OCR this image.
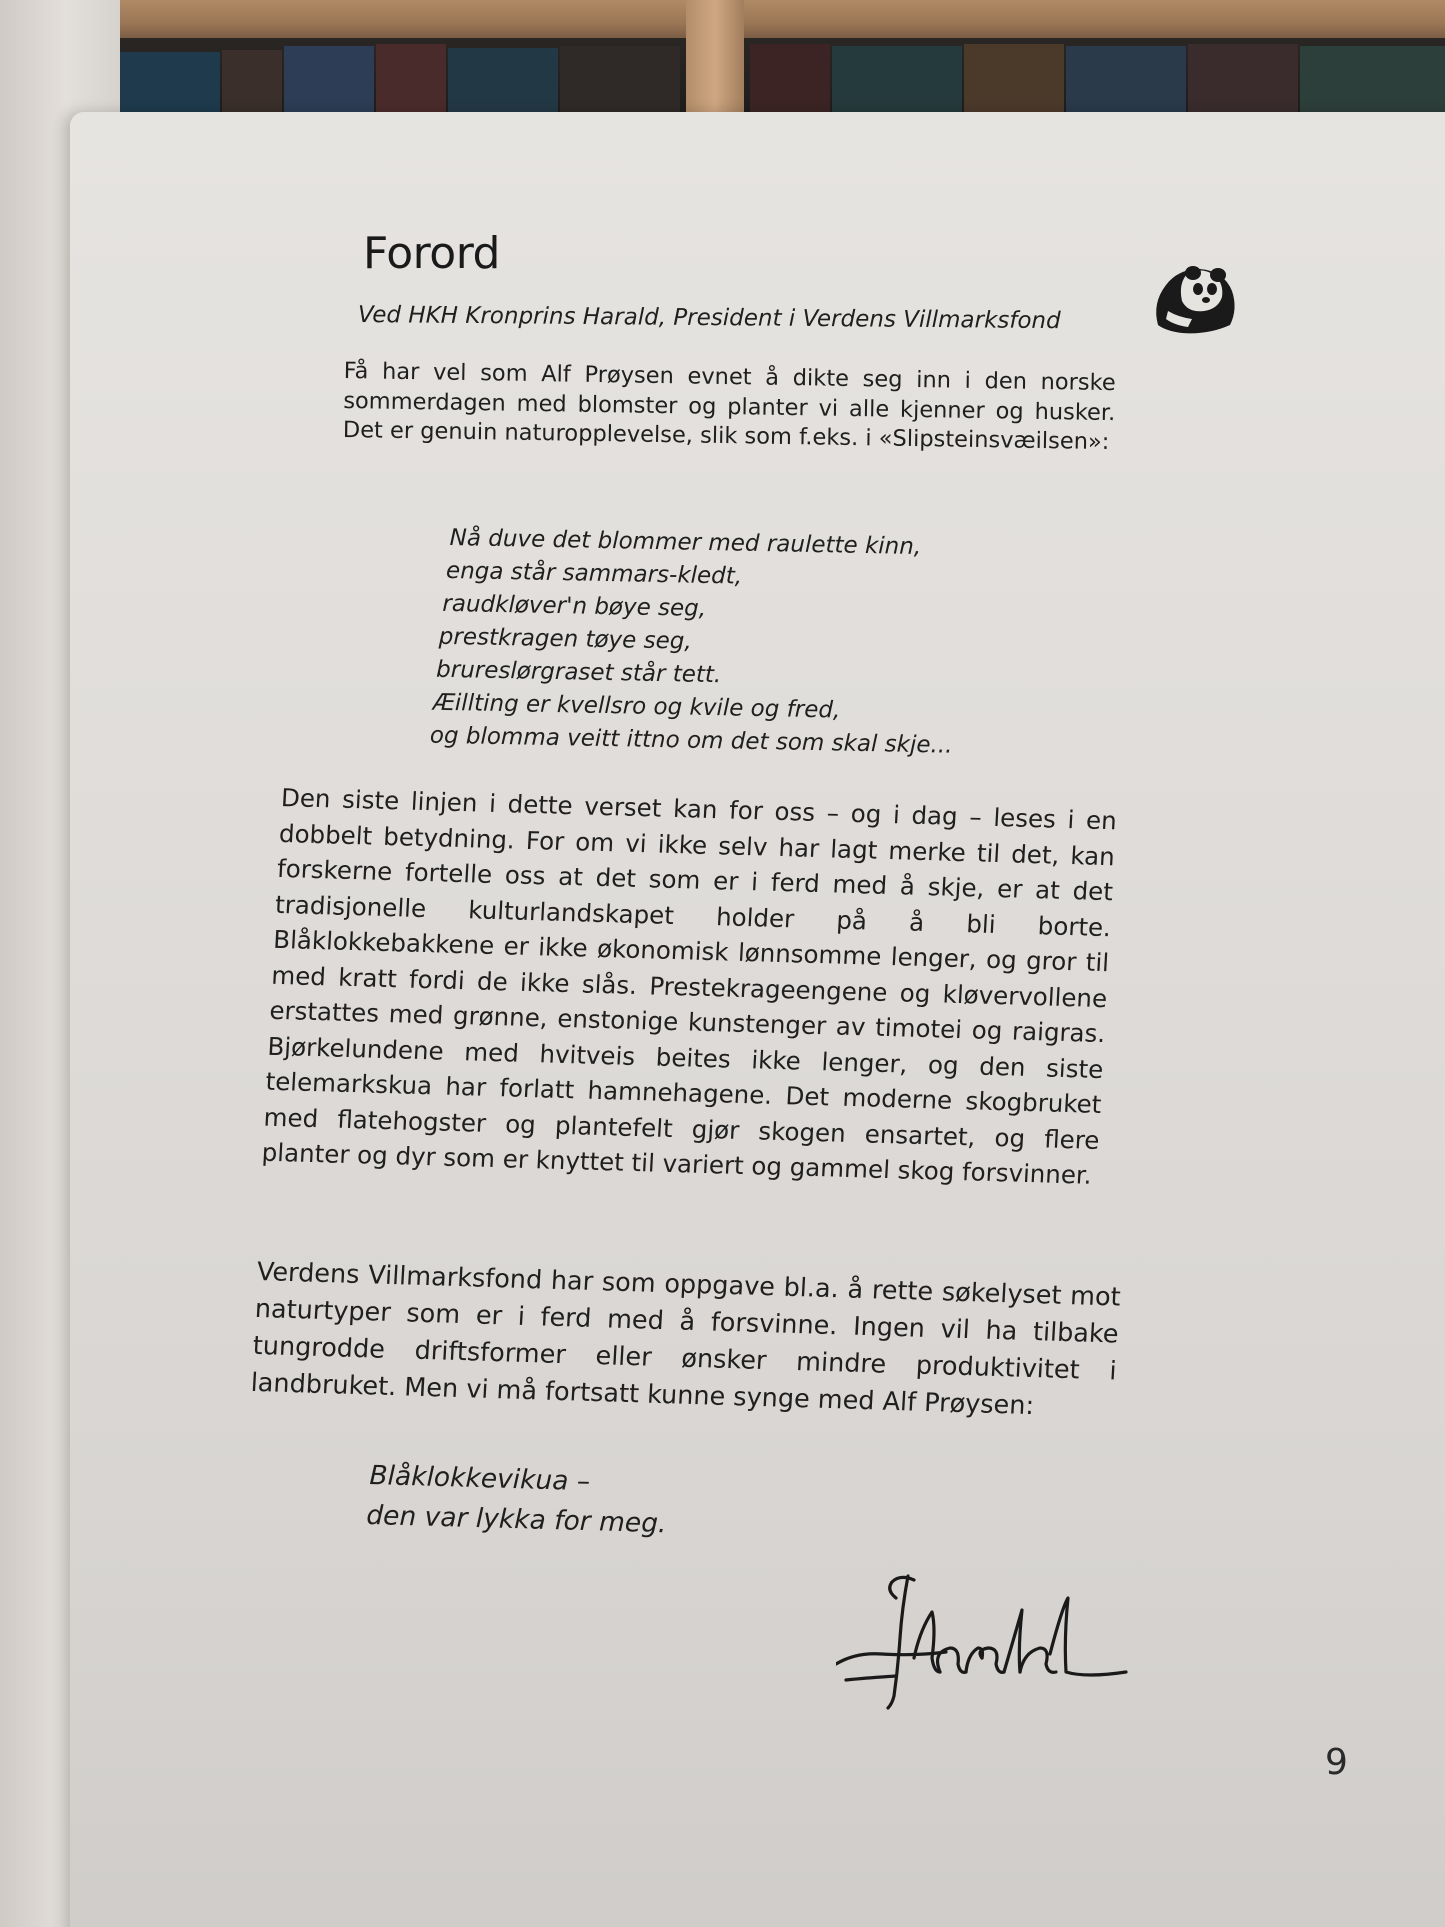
Forord
Ved HKH Kronprins Harald, President i Verdens Villmarksfond
Få har vel som Alf Prøysen evnet å dikte seg inn i den norske sommerdagen med blomster og planter vi alle kjenner og husker. Det er genuin naturopplevelse, slik som f.eks. i «Slipsteinsvæilsen»:
Nå duve det blommer med raulette kinn,
enga står sammars-kledt,
raudkløver'n bøye seg,
prestkragen tøye seg,
brureslørgraset står tett.
Æillting er kvellsro og kvile og fred,
og blomma veitt ittno om det som skal skje...
Den siste linjen i dette verset kan for oss – og i dag – leses i en dobbelt betydning. For om vi ikke selv har lagt merke til det, kan forskerne fortelle oss at det som er i ferd med å skje, er at det tradisjonelle kulturlandskapet holder på å bli borte. Blåklokkebakkene er ikke økonomisk lønnsomme lenger, og gror til med kratt fordi de ikke slås. Prestekrageengene og kløvervollene erstattes med grønne, enstonige kunstenger av timotei og raigras. Bjørkelundene med hvitveis beites ikke lenger, og den siste telemarkskua har forlatt hamnehagene. Det moderne skogbruket med flatehogster og plantefelt gjør skogen ensartet, og flere planter og dyr som er knyttet til variert og gammel skog forsvinner.
Verdens Villmarksfond har som oppgave bl.a. å rette søkelyset mot naturtyper som er i ferd med å forsvinne. Ingen vil ha tilbake tungrodde driftsformer eller ønsker mindre produktivitet i landbruket. Men vi må fortsatt kunne synge med Alf Prøysen:
Blåklokkevikua –
den var lykka for meg.
9
